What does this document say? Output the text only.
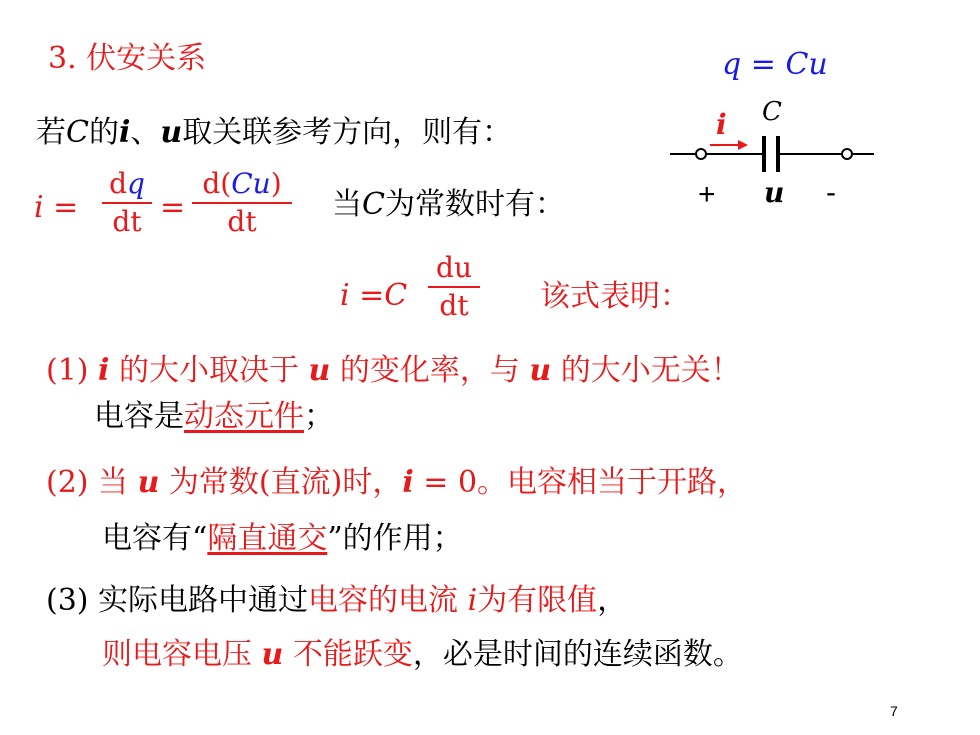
3. 伏安关系	q = Cu
若C的i、u取关联参考方向，则有：	i C
+ u -
i =
dq
dt =
d(Cu)
dt	当C为常数时有：
i =C
du
dt	该式表明：
(1) i 的大小取决于 u 的变化率，与 u 的大小无关！
电容是动态元件；
(2) 当 u 为常数(直流)时，i = 0。电容相当于开路，
电容有“隔直通交”的作用；
(3) 实际电路中通过电容的电流 i为有限值，
则电容电压 u 不能跃变，必是时间的连续函数。
7
